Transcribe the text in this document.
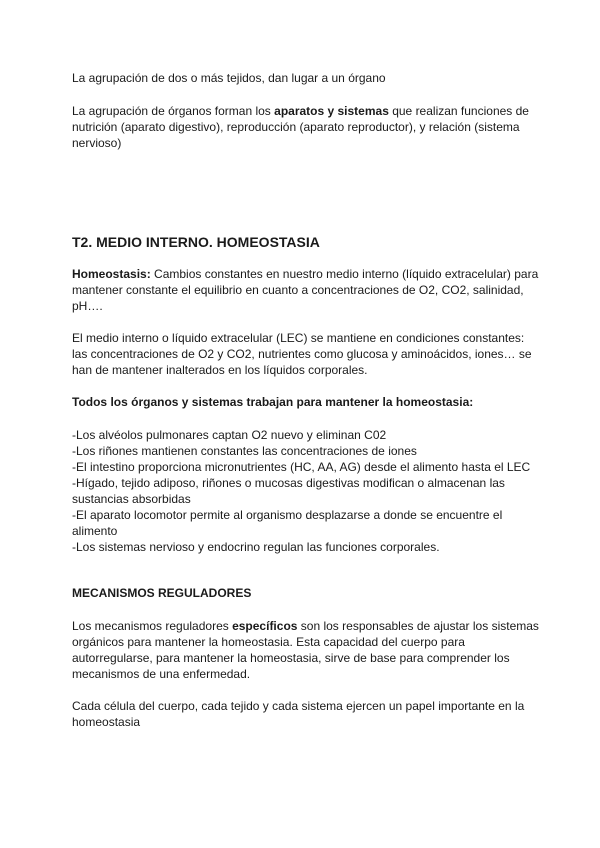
La agrupación de dos o más tejidos, dan lugar a un órgano

La agrupación de órganos forman los aparatos y sistemas que realizan funciones de nutrición (aparato digestivo), reproducción (aparato reproductor), y relación (sistema nervioso)

T2. MEDIO INTERNO. HOMEOSTASIA

Homeostasis: Cambios constantes en nuestro medio interno (líquido extracelular) para mantener constante el equilibrio en cuanto a concentraciones de O2, CO2, salinidad, pH….

El medio interno o líquido extracelular (LEC) se mantiene en condiciones constantes: las concentraciones de O2 y CO2, nutrientes como glucosa y aminoácidos, iones… se han de mantener inalterados en los líquidos corporales.

Todos los órganos y sistemas trabajan para mantener la homeostasia:
-Los alvéolos pulmonares captan O2 nuevo y eliminan C02
-Los riñones mantienen constantes las concentraciones de iones
-El intestino proporciona micronutrientes (HC, AA, AG) desde el alimento hasta el LEC
-Hígado, tejido adiposo, riñones o mucosas digestivas modifican o almacenan las sustancias absorbidas
-El aparato locomotor permite al organismo desplazarse a donde se encuentre el alimento
-Los sistemas nervioso y endocrino regulan las funciones corporales.
MECANISMOS REGULADORES

Los mecanismos reguladores específicos son los responsables de ajustar los sistemas orgánicos para mantener la homeostasia. Esta capacidad del cuerpo para autorregularse, para mantener la homeostasia, sirve de base para comprender los mecanismos de una enfermedad.

Cada célula del cuerpo, cada tejido y cada sistema ejercen un papel importante en la homeostasia
